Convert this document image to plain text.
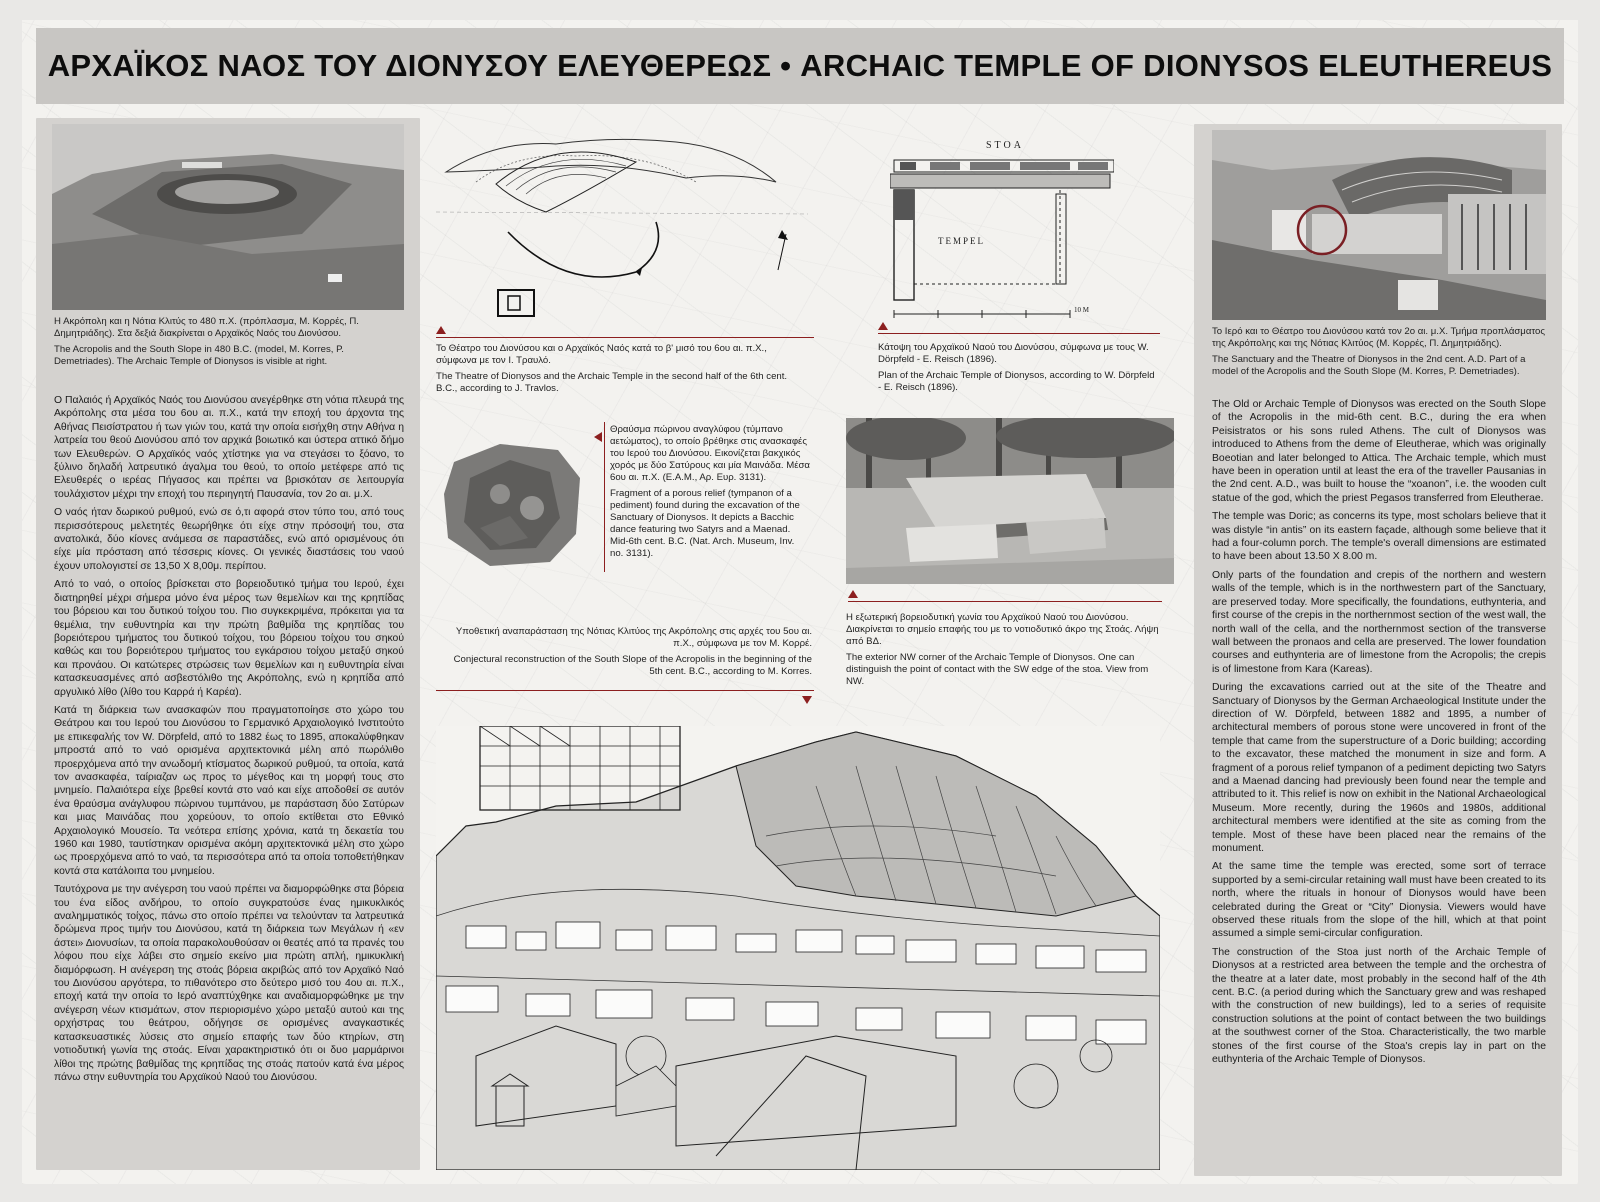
ΑΡΧΑΪΚΟΣ ΝΑΟΣ ΤΟΥ ΔΙΟΝΥΣΟΥ ΕΛΕΥΘΕΡΕΩΣ • ARCHAIC TEMPLE OF DIONYSOS ELEUTHEREUS

Η Ακρόπολη και η Νότια Κλιτύς το 480 π.Χ. (πρόπλασμα, Μ. Κορρές, Π. Δημητριάδης). Στα δεξιά διακρίνεται ο Αρχαϊκός Ναός του Διονύσου.

The Acropolis and the South Slope in 480 B.C. (model, M. Korres, P. Demetriades). The Archaic Temple of Dionysos is visible at right.

Ο Παλαιός ή Αρχαϊκός Ναός του Διονύσου ανεγέρθηκε στη νότια πλευρά της Ακρόπολης στα μέσα του 6ου αι. π.Χ., κατά την εποχή του άρχοντα της Αθήνας Πεισίστρατου ή των γιών του, κατά την οποία εισήχθη στην Αθήνα η λατρεία του θεού Διονύσου από τον αρχικά βοιωτικό και ύστερα αττικό δήμο των Ελευθερών. Ο Αρχαϊκός ναός χτίστηκε για να στεγάσει το ξόανο, το ξύλινο δηλαδή λατρευτικό άγαλμα του θεού, το οποίο μετέφερε από τις Ελευθερές ο ιερέας Πήγασος και πρέπει να βρισκόταν σε λειτουργία τουλάχιστον μέχρι την εποχή του περιηγητή Παυσανία, τον 2ο αι. μ.Χ.

Ο ναός ήταν δωρικού ρυθμού, ενώ σε ό,τι αφορά στον τύπο του, από τους περισσότερους μελετητές θεωρήθηκε ότι είχε στην πρόσοψή του, στα ανατολικά, δύο κίονες ανάμεσα σε παραστάδες, ενώ από ορισμένους ότι είχε μία πρόσταση από τέσσερις κίονες. Οι γενικές διαστάσεις του ναού έχουν υπολογιστεί σε 13,50 Χ 8,00μ. περίπου.

Από το ναό, ο οποίος βρίσκεται στο βορειοδυτικό τμήμα του Ιερού, έχει διατηρηθεί μέχρι σήμερα μόνο ένα μέρος των θεμελίων και της κρηπίδας του βόρειου και του δυτικού τοίχου του. Πιο συγκεκριμένα, πρόκειται για τα θεμέλια, την ευθυντηρία και την πρώτη βαθμίδα της κρηπίδας του βορειότερου τμήματος του δυτικού τοίχου, του βόρειου τοίχου του σηκού καθώς και του βορειότερου τμήματος του εγκάρσιου τοίχου μεταξύ σηκού και προνάου. Οι κατώτερες στρώσεις των θεμελίων και η ευθυντηρία είναι κατασκευασμένες από ασβεστόλιθο της Ακρόπολης, ενώ η κρηπίδα από αργυλικό λίθο (λίθο του Καρρά ή Καρέα).

Κατά τη διάρκεια των ανασκαφών που πραγματοποίησε στο χώρο του Θεάτρου και του Ιερού του Διονύσου το Γερμανικό Αρχαιολογικό Ινστιτούτο με επικεφαλής τον W. Dörpfeld, από το 1882 έως το 1895, αποκαλύφθηκαν μπροστά από το ναό ορισμένα αρχιτεκτονικά μέλη από πωρόλιθο προερχόμενα από την ανωδομή κτίσματος δωρικού ρυθμού, τα οποία, κατά τον ανασκαφέα, ταίριαζαν ως προς το μέγεθος και τη μορφή τους στο μνημείο. Παλαιότερα είχε βρεθεί κοντά στο ναό και είχε αποδοθεί σε αυτόν ένα θραύσμα ανάγλυφου πώρινου τυμπάνου, με παράσταση δύο Σατύρων και μιας Μαινάδας που χορεύουν, το οποίο εκτίθεται στο Εθνικό Αρχαιολογικό Μουσείο. Τα νεότερα επίσης χρόνια, κατά τη δεκαετία του 1960 και 1980, ταυτίστηκαν ορισμένα ακόμη αρχιτεκτονικά μέλη στο χώρο ως προερχόμενα από το ναό, τα περισσότερα από τα οποία τοποθετήθηκαν κοντά στα κατάλοιπα του μνημείου.

Ταυτόχρονα με την ανέγερση του ναού πρέπει να διαμορφώθηκε στα βόρεια του ένα είδος ανδήρου, το οποίο συγκρατούσε ένας ημικυκλικός αναλημματικός τοίχος, πάνω στο οποίο πρέπει να τελούνταν τα λατρευτικά δρώμενα προς τιμήν του Διονύσου, κατά τη διάρκεια των Μεγάλων ή «εν άστει» Διονυσίων, τα οποία παρακολουθούσαν οι θεατές από τα πρανές του λόφου που είχε λάβει στο σημείο εκείνο μια πρώτη απλή, ημικυκλική διαμόρφωση. Η ανέγερση της στοάς βόρεια ακριβώς από τον Αρχαϊκό Ναό του Διονύσου αργότερα, το πιθανότερο στο δεύτερο μισό του 4ου αι. π.Χ., εποχή κατά την οποία το Ιερό αναπτύχθηκε και αναδιαμορφώθηκε με την ανέγερση νέων κτισμάτων, στον περιορισμένο χώρο μεταξύ αυτού και της ορχήστρας του θεάτρου, οδήγησε σε ορισμένες αναγκαστικές κατασκευαστικές λύσεις στο σημείο επαφής των δύο κτηρίων, στη νοτιοδυτική γωνία της στοάς. Είναι χαρακτηριστικό ότι οι δυο μαρμάρινοι λίθοι της πρώτης βαθμίδας της κρηπίδας της στοάς πατούν κατά ένα μέρος πάνω στην ευθυντηρία του Αρχαϊκού Ναού του Διονύσου.

Το Θέατρο του Διονύσου και ο Αρχαϊκός Ναός κατά το β' μισό του 6ου αι. π.Χ., σύμφωνα με τον Ι. Τραυλό.

The Theatre of Dionysos and the Archaic Temple in the second half of the 6th cent. B.C., according to J. Travlos.

Θραύσμα πώρινου αναγλύφου (τύμπανο αετώματος), το οποίο βρέθηκε στις ανασκαφές του Ιερού του Διονύσου. Εικονίζεται βακχικός χορός με δύο Σατύρους και μία Μαινάδα. Μέσα 6ου αι. π.Χ. (Ε.Α.Μ., Αρ. Ευρ. 3131).

Fragment of a porous relief (tympanon of a pediment) found during the excavation of the Sanctuary of Dionysos. It depicts a Bacchic dance featuring two Satyrs and a Maenad. Mid-6th cent. B.C. (Nat. Arch. Museum, Inv. no. 3131).

Υποθετική αναπαράσταση της Νότιας Κλιτύος της Ακρόπολης στις αρχές του 5ου αι. π.Χ., σύμφωνα με τον Μ. Κορρέ.

Conjectural reconstruction of the South Slope of the Acropolis in the beginning of the 5th cent. B.C., according to M. Korres.

STOA
TEMPEL
10 M

Κάτοψη του Αρχαϊκού Ναού του Διονύσου, σύμφωνα με τους W. Dörpfeld - E. Reisch (1896).

Plan of the Archaic Temple of Dionysos, according to W. Dörpfeld - E. Reisch (1896).

Η εξωτερική βορειοδυτική γωνία του Αρχαϊκού Ναού του Διονύσου. Διακρίνεται το σημείο επαφής του με το νοτιοδυτικό άκρο της Στοάς. Λήψη από ΒΔ.

The exterior NW corner of the Archaic Temple of Dionysos. One can distinguish the point of contact with the SW edge of the stoa. View from NW.

Το Ιερό και το Θέατρο του Διονύσου κατά τον 2ο αι. μ.Χ. Τμήμα προπλάσματος της Ακρόπολης και της Νότιας Κλιτύος (Μ. Κορρές, Π. Δημητριάδης).

The Sanctuary and the Theatre of Dionysos in the 2nd cent. A.D. Part of a model of the Acropolis and the South Slope (M. Korres, P. Demetriades).

The Old or Archaic Temple of Dionysos was erected on the South Slope of the Acropolis in the mid-6th cent. B.C., during the era when Peisistratos or his sons ruled Athens. The cult of Dionysos was introduced to Athens from the deme of Eleutherae, which was originally Boeotian and later belonged to Attica. The Archaic temple, which must have been in operation until at least the era of the traveller Pausanias in the 2nd cent. A.D., was built to house the “xoanon”, i.e. the wooden cult statue of the god, which the priest Pegasos transferred from Eleutherae.

The temple was Doric; as concerns its type, most scholars believe that it was distyle “in antis” on its eastern façade, although some believe that it had a four-column porch. The temple's overall dimensions are estimated to have been about 13.50 X 8.00 m.

Only parts of the foundation and crepis of the northern and western walls of the temple, which is in the northwestern part of the Sanctuary, are preserved today. More specifically, the foundations, euthynteria, and first course of the crepis in the northernmost section of the west wall, the north wall of the cella, and the northernmost section of the transverse wall between the pronaos and cella are preserved. The lower foundation courses and euthynteria are of limestone from the Acropolis; the crepis is of limestone from Kara (Kareas).

During the excavations carried out at the site of the Theatre and Sanctuary of Dionysos by the German Archaeological Institute under the direction of W. Dörpfeld, between 1882 and 1895, a number of architectural members of porous stone were uncovered in front of the temple that came from the superstructure of a Doric building; according to the excavator, these matched the monument in size and form. A fragment of a porous relief tympanon of a pediment depicting two Satyrs and a Maenad dancing had previously been found near the temple and attributed to it. This relief is now on exhibit in the National Archaeological Museum. More recently, during the 1960s and 1980s, additional architectural members were identified at the site as coming from the temple. Most of these have been placed near the remains of the monument.

At the same time the temple was erected, some sort of terrace supported by a semi-circular retaining wall must have been created to its north, where the rituals in honour of Dionysos would have been celebrated during the Great or “City” Dionysia. Viewers would have observed these rituals from the slope of the hill, which at that point assumed a simple semi-circular configuration.

The construction of the Stoa just north of the Archaic Temple of Dionysos at a restricted area between the temple and the orchestra of the theatre at a later date, most probably in the second half of the 4th cent. B.C. (a period during which the Sanctuary grew and was reshaped with the construction of new buildings), led to a series of requisite construction solutions at the point of contact between the two buildings at the southwest corner of the Stoa. Characteristically, the two marble stones of the first course of the Stoa's crepis lay in part on the euthynteria of the Archaic Temple of Dionysos.
